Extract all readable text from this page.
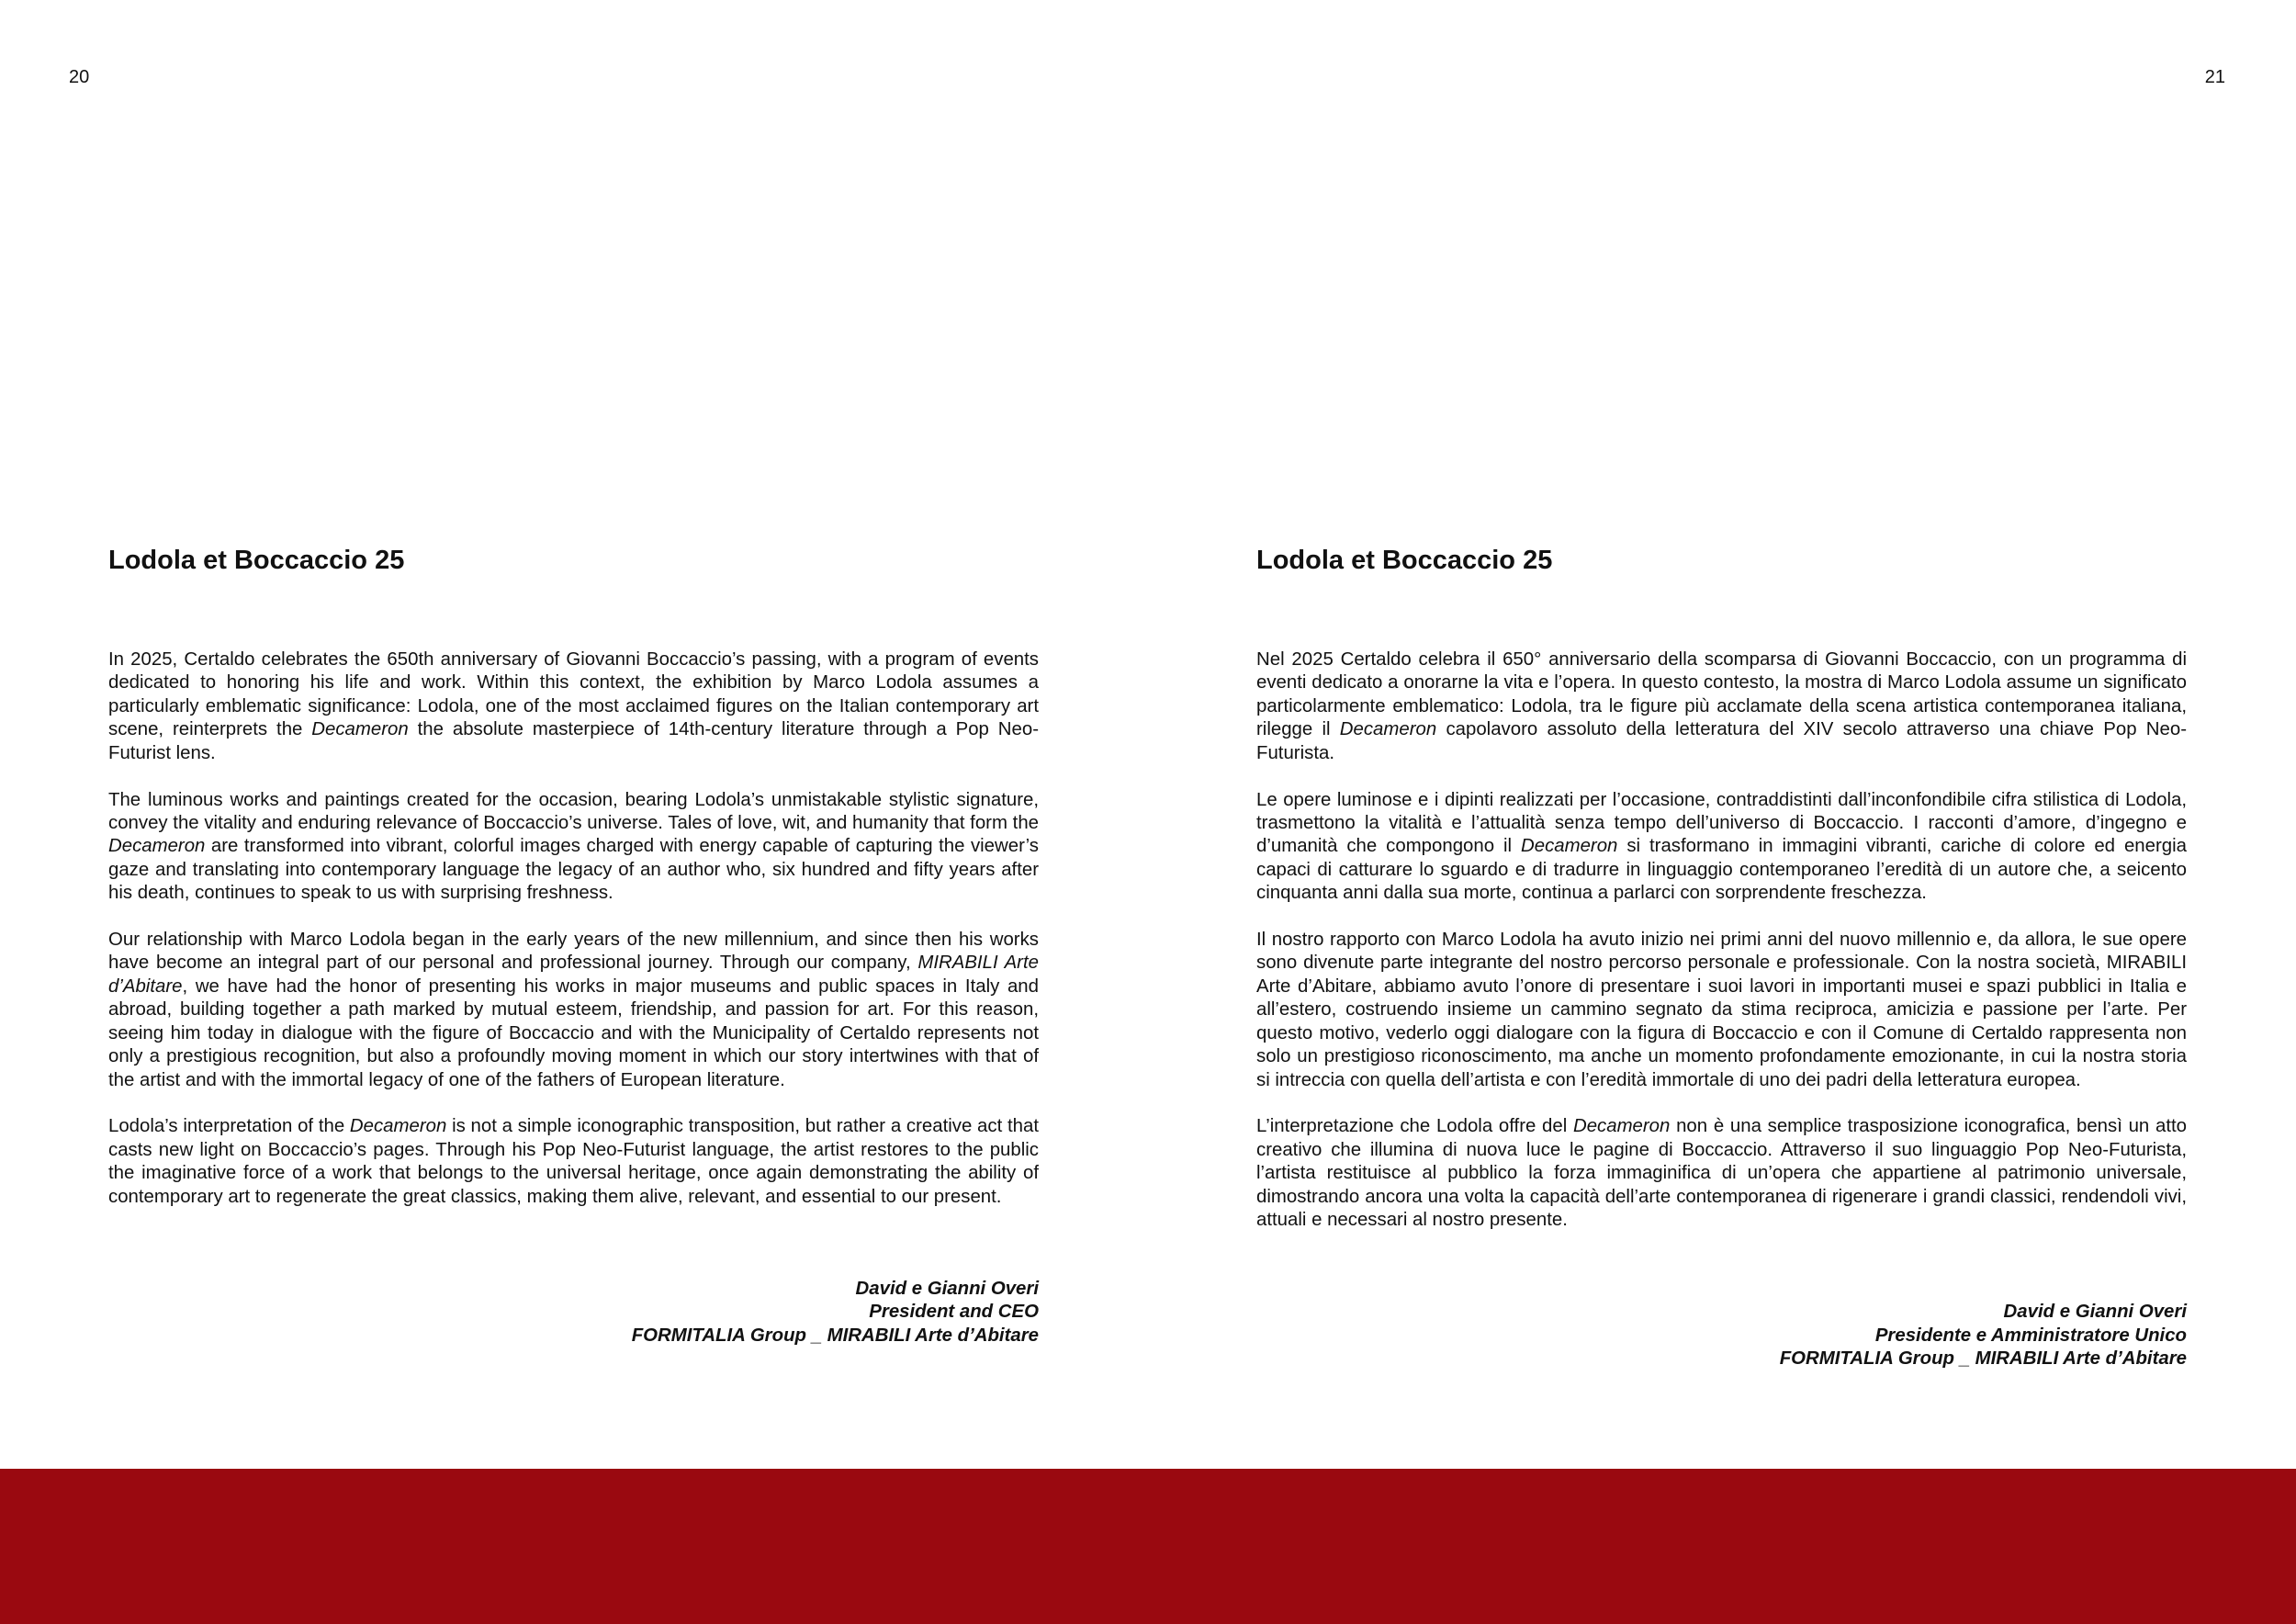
20	21
Lodola et Boccaccio 25

In 2025, Certaldo celebrates the 650th anniversary of Giovanni Boccaccio’s passing, with a program of events dedicated to honoring his life and work. Within this context, the exhibition by Marco Lodola assumes a particularly emblematic significance: Lodola, one of the most acclaimed figures on the Italian contemporary art scene, reinterprets the Decameron the absolute masterpiece of 14th-century literature through a Pop Neo-Futurist lens.

The luminous works and paintings created for the occasion, bearing Lodola’s unmistakable stylistic signature, convey the vitality and enduring relevance of Boccaccio’s universe. Tales of love, wit, and humanity that form the Decameron are transformed into vibrant, colorful images charged with energy capable of capturing the viewer’s gaze and translating into contemporary language the legacy of an author who, six hundred and fifty years after his death, continues to speak to us with surprising freshness.

Our relationship with Marco Lodola began in the early years of the new millennium, and since then his works have become an integral part of our personal and professional journey. Through our company, MIRABILI Arte d’Abitare, we have had the honor of presenting his works in major museums and public spaces in Italy and abroad, building together a path marked by mutual esteem, friendship, and passion for art. For this reason, seeing him today in dialogue with the figure of Boccaccio and with the Municipality of Certaldo represents not only a prestigious recognition, but also a profoundly moving moment in which our story intertwines with that of the artist and with the immortal legacy of one of the fathers of European literature.

Lodola’s interpretation of the Decameron is not a simple iconographic transposition, but rather a creative act that casts new light on Boccaccio’s pages. Through his Pop Neo-Futurist language, the artist restores to the public the imaginative force of a work that belongs to the universal heritage, once again demonstrating the ability of contemporary art to regenerate the great classics, making them alive, relevant, and essential to our present.

David e Gianni Overi
President and CEO
FORMITALIA Group _ MIRABILI Arte d’Abitare
Lodola et Boccaccio 25

Nel 2025 Certaldo celebra il 650° anniversario della scomparsa di Giovanni Boccaccio, con un programma di eventi dedicato a onorarne la vita e l’opera. In questo contesto, la mostra di Marco Lodola assume un significato particolarmente emblematico: Lodola, tra le figure più acclamate della scena artistica contemporanea italiana, rilegge il Decameron capolavoro assoluto della letteratura del XIV secolo attraverso una chiave Pop Neo-Futurista.

Le opere luminose e i dipinti realizzati per l’occasione, contraddistinti dall’inconfondibile cifra stilistica di Lodola, trasmettono la vitalità e l’attualità senza tempo dell’universo di Boccaccio. I racconti d’amore, d’ingegno e d’umanità che compongono il Decameron si trasformano in immagini vibranti, cariche di colore ed energia capaci di catturare lo sguardo e di tradurre in linguaggio contemporaneo l’eredità di un autore che, a seicento cinquanta anni dalla sua morte, continua a parlarci con sorprendente freschezza.

Il nostro rapporto con Marco Lodola ha avuto inizio nei primi anni del nuovo millennio e, da allora, le sue opere sono divenute parte integrante del nostro percorso personale e professionale. Con la nostra società, MIRABILI Arte d’Abitare, abbiamo avuto l’onore di presentare i suoi lavori in importanti musei e spazi pubblici in Italia e all’estero, costruendo insieme un cammino segnato da stima reciproca, amicizia e passione per l’arte. Per questo motivo, vederlo oggi dialogare con la figura di Boccaccio e con il Comune di Certaldo rappresenta non solo un prestigioso riconoscimento, ma anche un momento profondamente emozionante, in cui la nostra storia si intreccia con quella dell’artista e con l’eredità immortale di uno dei padri della letteratura europea.

L’interpretazione che Lodola offre del Decameron non è una semplice trasposizione iconografica, bensì un atto creativo che illumina di nuova luce le pagine di Boccaccio. Attraverso il suo linguaggio Pop Neo-Futurista, l’artista restituisce al pubblico la forza immaginifica di un’opera che appartiene al patrimonio universale, dimostrando ancora una volta la capacità dell’arte contemporanea di rigenerare i grandi classici, rendendoli vivi, attuali e necessari al nostro presente.

David e Gianni Overi
Presidente e Amministratore Unico
FORMITALIA Group _ MIRABILI Arte d’Abitare
